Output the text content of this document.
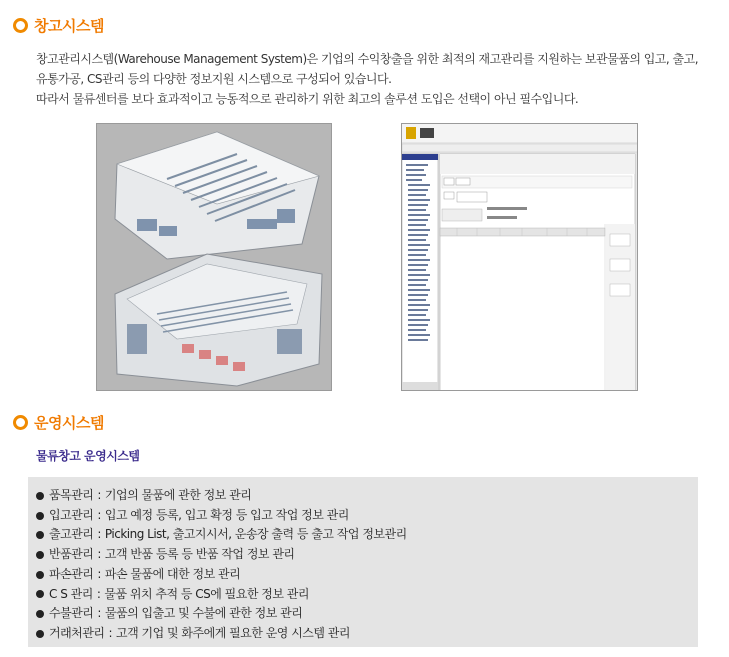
창고시스템

창고관리시스템(Warehouse Management System)은 기업의 수익창출을 위한 최적의 재고관리를 지원하는 보관물품의 입고, 출고,

유통가공, CS관리 등의 다양한 정보지원 시스템으로 구성되어 있습니다.

따라서 물류센터를 보다 효과적이고 능동적으로 관리하기 위한 최고의 솔루션 도입은 선택이 아닌 필수입니다.

운영시스템
물류창고 운영시스템
품목관리 : 기업의 물품에 관한 정보 관리
입고관리 : 입고 예정 등록, 입고 확정 등 입고 작업 정보 관리
출고관리 : Picking List, 출고지시서, 운송장 출력 등 출고 작업 정보관리
반품관리 : 고객 반품 등록 등 반품 작업 정보 관리
파손관리 : 파손 물품에 대한 정보 관리
C S 관리 : 물품 위치 추적 등 CS에 필요한 정보 관리
수불관리 : 물품의 입출고 및 수불에 관한 정보 관리
거래처관리 : 고객 기업 및 화주에게 필요한 운영 시스템 관리
